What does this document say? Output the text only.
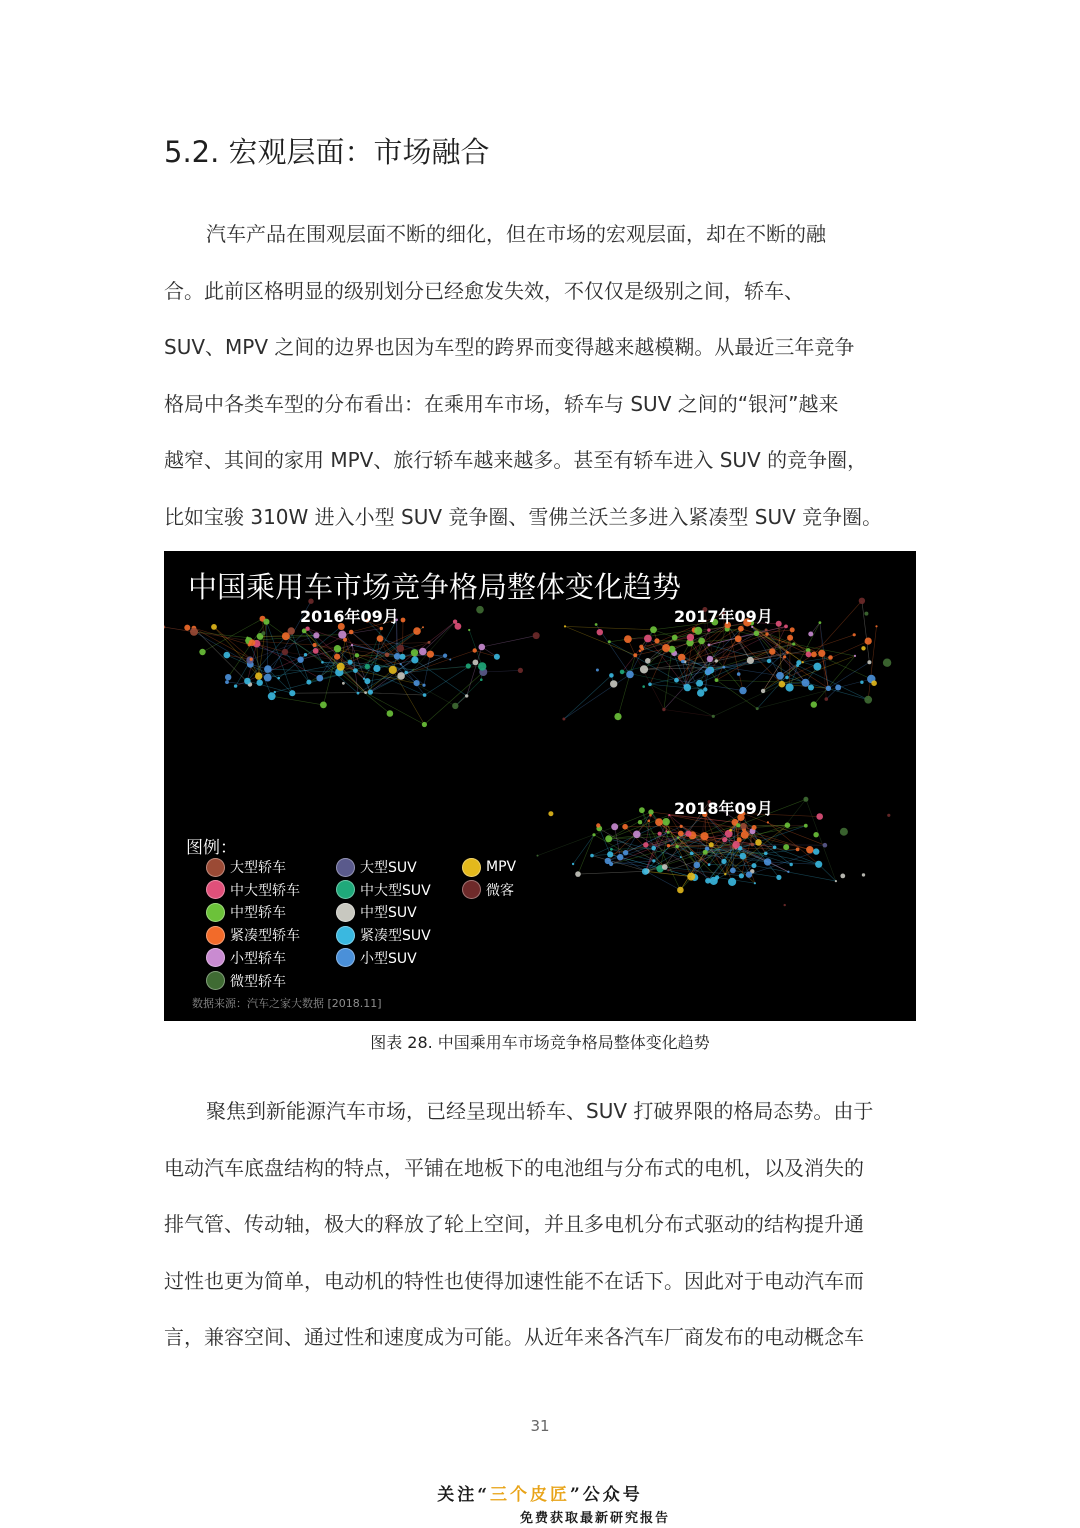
5.2. 宏观层面：市场融合
汽车产品在围观层面不断的细化，但在市场的宏观层面，却在不断的融
合。此前区格明显的级别划分已经愈发失效，不仅仅是级别之间，轿车、
SUV、MPV 之间的边界也因为车型的跨界而变得越来越模糊。从最近三年竞争
格局中各类车型的分布看出：在乘用车市场，轿车与 SUV 之间的“银河”越来
越窄、其间的家用 MPV、旅行轿车越来越多。甚至有轿车进入 SUV 的竞争圈，
比如宝骏 310W 进入小型 SUV 竞争圈、雪佛兰沃兰多进入紧凑型 SUV 竞争圈。
中国乘用车市场竞争格局整体变化趋势
2016年09月	2017年09月
2018年09月
图例：
大型轿车
中大型轿车
中型轿车
紧凑型轿车
小型轿车
微型轿车
大型SUV
中大型SUV
中型SUV
紧凑型SUV
小型SUV
MPV
微客
数据来源：汽车之家大数据 [2018.11]
图表 28. 中国乘用车市场竞争格局整体变化趋势
聚焦到新能源汽车市场，已经呈现出轿车、SUV 打破界限的格局态势。由于
电动汽车底盘结构的特点，平铺在地板下的电池组与分布式的电机，以及消失的
排气管、传动轴，极大的释放了轮上空间，并且多电机分布式驱动的结构提升通
过性也更为简单，电动机的特性也使得加速性能不在话下。因此对于电动汽车而
言，兼容空间、通过性和速度成为可能。从近年来各汽车厂商发布的电动概念车
31
关注“三个皮匠”公众号
免费获取最新研究报告
